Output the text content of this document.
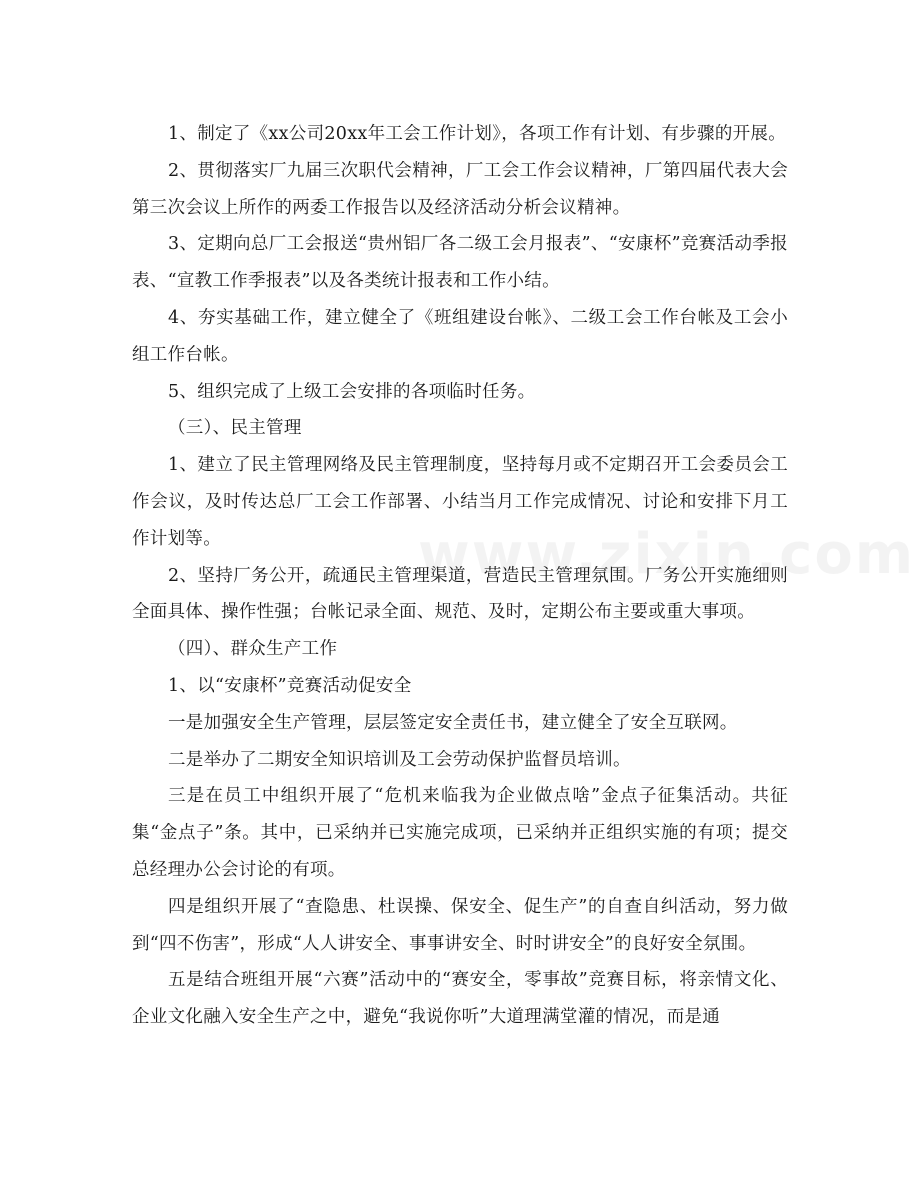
1、制定了《xx公司20xx年工会工作计划》，各项工作有计划、有步骤的开展。

2、贯彻落实厂九届三次职代会精神，厂工会工作会议精神，厂第四届代表大会第三次会议上所作的两委工作报告以及经济活动分析会议精神。

3、定期向总厂工会报送“贵州铝厂各二级工会月报表”、“安康杯”竞赛活动季报表、“宣教工作季报表”以及各类统计报表和工作小结。

4、夯实基础工作，建立健全了《班组建设台帐》、二级工会工作台帐及工会小组工作台帐。

5、组织完成了上级工会安排的各项临时任务。

（三）、民主管理

1、建立了民主管理网络及民主管理制度，坚持每月或不定期召开工会委员会工作会议，及时传达总厂工会工作部署、小结当月工作完成情况、讨论和安排下月工作计划等。

2、坚持厂务公开，疏通民主管理渠道，营造民主管理氛围。厂务公开实施细则全面具体、操作性强；台帐记录全面、规范、及时，定期公布主要或重大事项。

（四）、群众生产工作

1、以“安康杯”竞赛活动促安全

一是加强安全生产管理，层层签定安全责任书，建立健全了安全互联网。

二是举办了二期安全知识培训及工会劳动保护监督员培训。

三是在员工中组织开展了“危机来临我为企业做点啥”金点子征集活动。共征集“金点子”条。其中，已采纳并已实施完成项，已采纳并正组织实施的有项；提交总经理办公会讨论的有项。

四是组织开展了“查隐患、杜误操、保安全、促生产”的自查自纠活动，努力做到“四不伤害”，形成“人人讲安全、事事讲安全、时时讲安全”的良好安全氛围。

五是结合班组开展“六赛”活动中的“赛安全，零事故”竞赛目标，将亲情文化、企业文化融入安全生产之中，避免“我说你听”大道理满堂灌的情况，而是通
